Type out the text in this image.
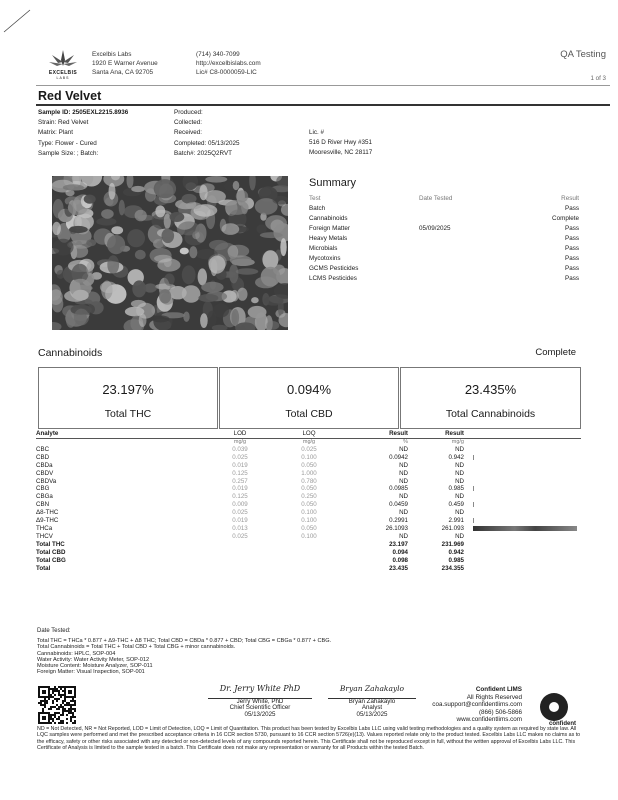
EXCELBIS
LABS
Excelbis Labs
1920 E Warner Avenue
Santa Ana, CA 92705
(714) 340-7099
http://excelbislabs.com
Lic# C8-0000059-LIC
QA Testing
1 of 3
Red Velvet
Sample ID: 2505EXL2215.8936
Strain: Red Velvet
Matrix: Plant
Type: Flower - Cured
Sample Size: ; Batch:
Produced:
Collected:
Received:
Completed: 05/13/2025
Batch#: 2025Q2RVT
Lic. #
516 D River Hwy #351
Mooresville, NC 28117
Summary
Test	Date Tested	Result
Batch		Pass
Cannabinoids		Complete
Foreign Matter	05/09/2025	Pass
Heavy Metals		Pass
Microbials		Pass
Mycotoxins		Pass
GCMS Pesticides		Pass
LCMS Pesticides		Pass
Cannabinoids	Complete
23.197%
Total THC
0.094%
Total CBD
23.435%
Total Cannabinoids
Analyte	LOD	LOQ	Result	Result	
	mg/g	mg/g	%	mg/g	
CBC	0.039	0.025	ND	ND	
CBD	0.025	0.100	0.0942	0.942	
CBDa	0.019	0.050	ND	ND	
CBDV	0.125	1.000	ND	ND	
CBDVa	0.257	0.780	ND	ND	
CBG	0.019	0.050	0.0985	0.985	
CBGa	0.125	0.250	ND	ND	
CBN	0.009	0.050	0.0459	0.459	
Δ8-THC	0.025	0.100	ND	ND	
Δ9-THC	0.019	0.100	0.2991	2.991	
THCa	0.013	0.050	26.1093	261.093	
THCV	0.025	0.100	ND	ND	
Total THC			23.197	231.969	
Total CBD			0.094	0.942	
Total CBG			0.098	0.985	
Total			23.435	234.355	
Date Tested:
Total THC = THCa * 0.877 + Δ9-THC + Δ8 THC; Total CBD = CBDa * 0.877 + CBD; Total CBG = CBGa * 0.877 + CBG.
Total Cannabinoids = Total THC + Total CBD + Total CBG + minor cannabinoids.
Cannabinoids: HPLC, SOP-004
Water Activity: Water Activity Meter, SOP-012
Moisture Content: Moisture Analyzer, SOP-011
Foreign Matter: Visual Inspection, SOP-001
Dr. Jerry White PhD
Jerry White, PhD
Chief Scientific Officer
05/13/2025
Bryan Zahakaylo
Bryan Zahakaylo
Analyst
05/13/2025
Confident LIMS
All Rights Reserved
coa.support@confidentlims.com
(866) 506-5866
www.confidentlims.com
confident
ND = Not Detected, NR = Not Reported, LOD = Limit of Detection, LOQ = Limit of Quantitation. This product has been tested by Excelbis Labs LLC using valid testing methodologies and a quality system as required by state law. All LQC samples were performed and met the prescribed acceptance criteria in 16 CCR section 5730, pursuant to 16 CCR section 5726(e)(13). Values reported relate only to the product tested. Excelbis Labs LLC makes no claims as to the efficacy, safety or other risks associated with any detected or non-detected levels of any compounds reported herein. This Certificate shall not be reproduced except in full, without the written approval of Excelbis Labs LLC. This Certificate of Analysis is limited to the sample tested in a batch. This Certificate does not make any representation or warranty for all Products within the tested Batch.
